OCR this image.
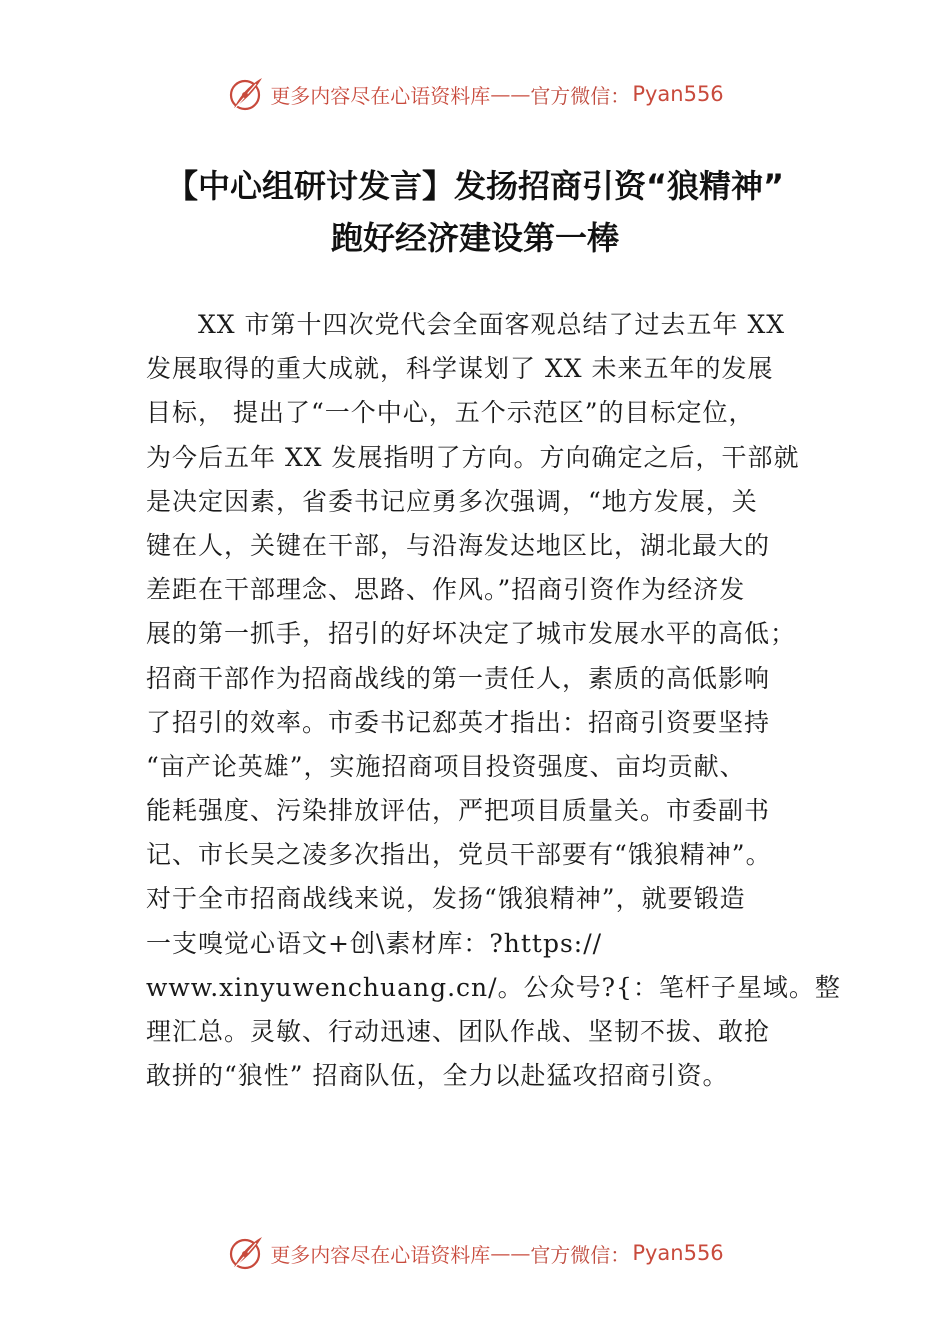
更多内容尽在心语资料库 —— 官方微信： Pyan556
【中心组研讨发言】发扬招商引资“狼精神”
跑好经济建设第一棒
　　XX 市第十四次党代会全面客观总结了过去五年 XX
发展取得的重大成就，科学谋划了 XX 未来五年的发展
目标， 提出了“一个中心，五个示范区”的目标定位，
为今后五年 XX 发展指明了方向。方向确定之后，干部就
是决定因素，省委书记应勇多次强调，“地方发展，关
键在人，关键在干部，与沿海发达地区比，湖北最大的
差距在干部理念、思路、作风。”招商引资作为经济发
展的第一抓手，招引的好坏决定了城市发展水平的高低；
招商干部作为招商战线的第一责任人，素质的高低影响
了招引的效率。市委书记郄英才指出：招商引资要坚持
“亩产论英雄”，实施招商项目投资强度、亩均贡献、
能耗强度、污染排放评估，严把项目质量关。市委副书
记、市长吴之凌多次指出，党员干部要有“饿狼精神”。
对于全市招商战线来说，发扬“饿狼精神”，就要锻造
一支嗅觉心语文+创\素材库：?https://
www.xinyuwenchuang.cn/。公众号?{：笔杆子星域。整
理汇总。灵敏、行动迅速、团队作战、坚韧不拔、敢抢
敢拼的“狼性” 招商队伍，全力以赴猛攻招商引资。
更多内容尽在心语资料库 —— 官方微信： Pyan556
